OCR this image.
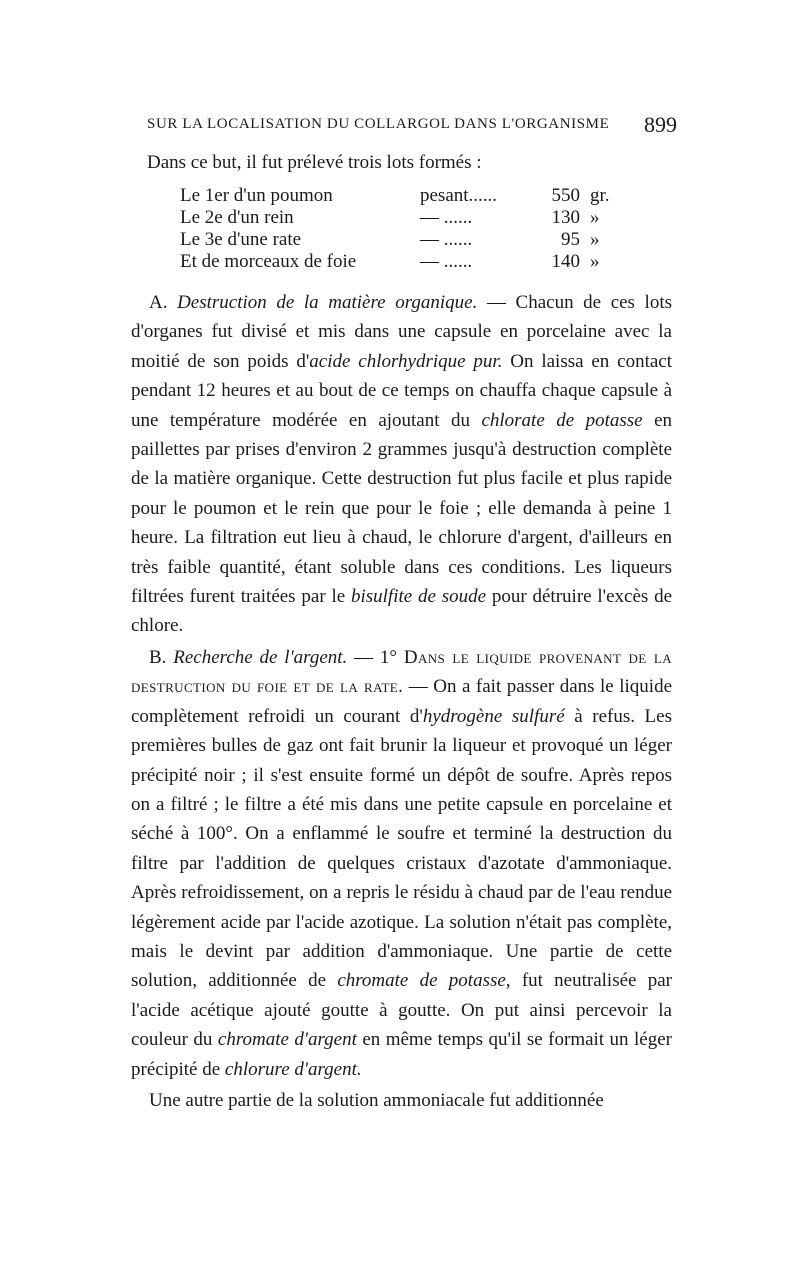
SUR LA LOCALISATION DU COLLARGOL DANS L'ORGANISME 899
Dans ce but, il fut prélevé trois lots formés :
Le 1er d'un poumon	pesant......	550 gr.
Le 2e d'un rein	— ......	130 »
Le 3e d'une rate	— ......	95 »
Et de morceaux de foie	— ......	140 »

A. Destruction de la matière organique. — Chacun de ces lots d'organes fut divisé et mis dans une capsule en porcelaine avec la moitié de son poids d'acide chlorhydrique pur. On laissa en contact pendant 12 heures et au bout de ce temps on chauffa chaque capsule à une température modérée en ajoutant du chlorate de potasse en paillettes par prises d'environ 2 grammes jusqu'à destruction complète de la matière organique. Cette destruction fut plus facile et plus rapide pour le poumon et le rein que pour le foie ; elle demanda à peine 1 heure. La filtration eut lieu à chaud, le chlorure d'argent, d'ailleurs en très faible quantité, étant soluble dans ces conditions. Les liqueurs filtrées furent traitées par le bisulfite de soude pour détruire l'excès de chlore.

B. Recherche de l'argent. — 1° Dans le liquide provenant de la destruction du foie et de la rate. — On a fait passer dans le liquide complètement refroidi un courant d'hydrogène sulfuré à refus. Les premières bulles de gaz ont fait brunir la liqueur et provoqué un léger précipité noir ; il s'est ensuite formé un dépôt de soufre. Après repos on a filtré ; le filtre a été mis dans une petite capsule en porcelaine et séché à 100°. On a enflammé le soufre et terminé la destruction du filtre par l'addition de quelques cristaux d'azotate d'ammoniaque. Après refroidissement, on a repris le résidu à chaud par de l'eau rendue légèrement acide par l'acide azotique. La solution n'était pas complète, mais le devint par addition d'ammoniaque. Une partie de cette solution, additionnée de chromate de potasse, fut neutralisée par l'acide acétique ajouté goutte à goutte. On put ainsi percevoir la couleur du chromate d'argent en même temps qu'il se formait un léger précipité de chlorure d'argent.

Une autre partie de la solution ammoniacale fut additionnée
